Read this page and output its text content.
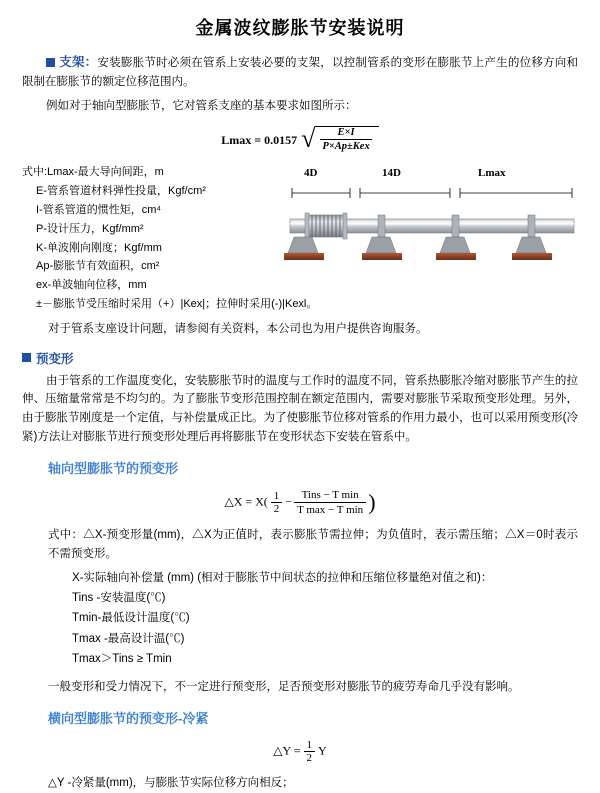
金属波纹膨胀节安装说明

支架：安装膨胀节时必须在管系上安装必要的支架，以控制管系的变形在膨胀节上产生的位移方向和限制在膨胀节的额定位移范围内。

例如对于轴向型膨胀节，它对管系支座的基本要求如图所示：

Lmax = 0.0157 √ $\frac{E\times I}{\text{P×Ap±Kex}}$
式中:Lmax-最大导向间距，m
E-管系管道材料弹性投量，Kgf/cm²
I-管系管道的惯性矩，cm⁴
P-设计压力，Kgf/mm²
K-单波刚向刚度；Kgf/mm
Ap-膨胀节有效面积，cm²
ex-单波轴向位移，mm
±－膨胀节受压缩时采用（+）|Kex|；拉伸时采用(-)|Kexl。
4D	14D	Lmax

对于管系支座设计问题，请参阅有关资料，本公司也为用户提供咨询服务。

预变形

由于管系的工作温度变化，安装膨胀节时的温度与工作时的温度不同，管系热膨胀冷缩对膨胀节产生的拉伸、压缩量常常是不均匀的。为了膨胀节变形范围控制在额定范围内，需要对膨胀节采取预变形处理。另外，由于膨胀节刚度是一个定值，与补偿量成正比。为了使膨胀节位移对管系的作用力最小，也可以采用预变形(冷紧)方法让对膨胀节进行预变形处理后再将膨胀节在变形状态下安装在管系中。

轴向型膨胀节的预变形
△X = $X( \frac{1}{2} - \frac{\text{Tins − T min}}{\text{T max − T min}}$ )

式中：△X-预变形量(mm)，△X为正值时，表示膨胀节需拉伸；为负值时，表示需压缩；△X＝0时表示不需预变形。

X-实际轴向补偿量 (mm) (相对于膨胀节中间状态的拉伸和压缩位移量绝对值之和)：
Tins -安装温度(℃)
Tmin-最低设计温度(℃)
Tmax -最高设计温(℃)
Tmax＞Tins ≥ Tmin

一般变形和受力情况下，不一定进行预变形，足否预变形对膨胀节的疲劳寿命几乎没有影响。

横向型膨胀节的预变形-冷紧
△Y = $\frac{1}{2}$ Y

△Y -冷紧量(mm)，与膨胀节实际位移方向相反；
